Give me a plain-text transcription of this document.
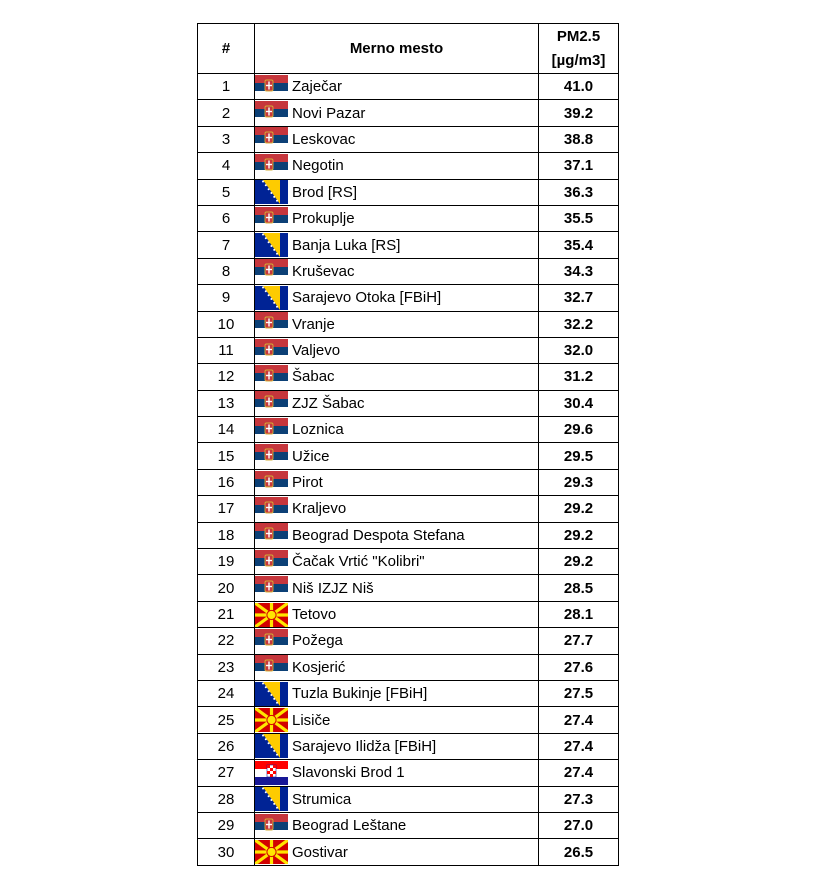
#	Merno mesto	PM2.5
[µg/m3]

1	Zaječar	41.0
2	Novi Pazar	39.2
3	Leskovac	38.8
4	Negotin	37.1
5	Brod [RS]	36.3
6	Prokuplje	35.5
7	Banja Luka [RS]	35.4
8	Kruševac	34.3
9	Sarajevo Otoka [FBiH]	32.7
10	Vranje	32.2
11	Valjevo	32.0
12	Šabac	31.2
13	ZJZ Šabac	30.4
14	Loznica	29.6
15	Užice	29.5
16	Pirot	29.3
17	Kraljevo	29.2
18	Beograd Despota Stefana	29.2
19	Čačak Vrtić "Kolibri"	29.2
20	Niš IZJZ Niš	28.5
21	Tetovo	28.1
22	Požega	27.7
23	Kosjerić	27.6
24	Tuzla Bukinje [FBiH]	27.5
25	Lisiče	27.4
26	Sarajevo Ilidža [FBiH]	27.4
27	Slavonski Brod 1	27.4
28	Strumica	27.3
29	Beograd Leštane	27.0
30	Gostivar	26.5
